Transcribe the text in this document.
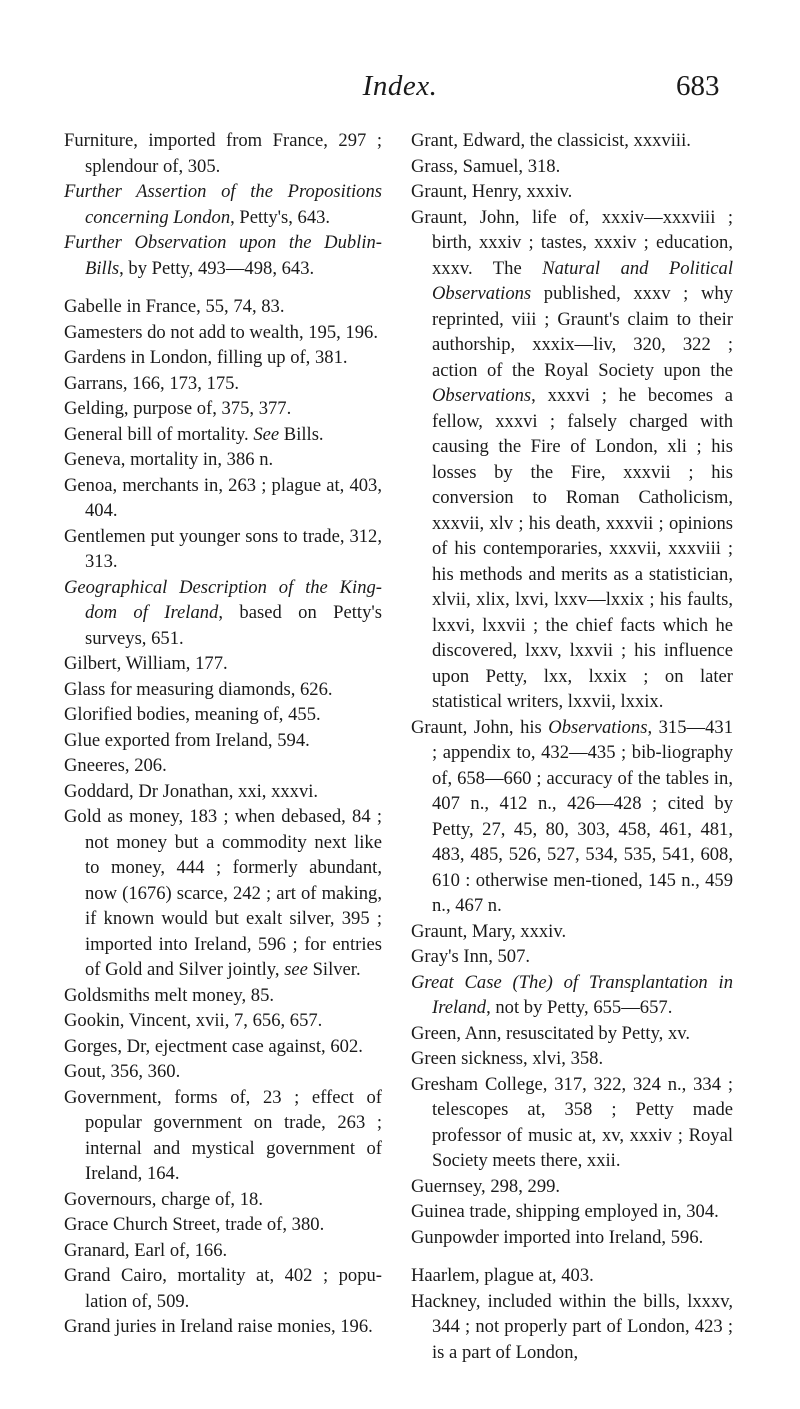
Index.	683

Furniture, imported from France, 297 ; splendour of, 305.

Further Assertion of the Propositions concerning London, Petty's, 643.

Further Observation upon the Dublin-Bills, by Petty, 493—498, 643.

Gabelle in France, 55, 74, 83.

Gamesters do not add to wealth, 195, 196.

Gardens in London, filling up of, 381.

Garrans, 166, 173, 175.

Gelding, purpose of, 375, 377.

General bill of mortality. See Bills.

Geneva, mortality in, 386 n.

Genoa, merchants in, 263 ; plague at, 403, 404.

Gentlemen put younger sons to trade, 312, 313.

Geographical Description of the King-dom of Ireland, based on Petty's surveys, 651.

Gilbert, William, 177.

Glass for measuring diamonds, 626.

Glorified bodies, meaning of, 455.

Glue exported from Ireland, 594.

Gneeres, 206.

Goddard, Dr Jonathan, xxi, xxxvi.

Gold as money, 183 ; when debased, 84 ; not money but a commodity next like to money, 444 ; formerly abundant, now (1676) scarce, 242 ; art of making, if known would but exalt silver, 395 ; imported into Ireland, 596 ; for entries of Gold and Silver jointly, see Silver.

Goldsmiths melt money, 85.

Gookin, Vincent, xvii, 7, 656, 657.

Gorges, Dr, ejectment case against, 602.

Gout, 356, 360.

Government, forms of, 23 ; effect of popular government on trade, 263 ; internal and mystical government of Ireland, 164.

Governours, charge of, 18.

Grace Church Street, trade of, 380.

Granard, Earl of, 166.

Grand Cairo, mortality at, 402 ; popu-lation of, 509.

Grand juries in Ireland raise monies, 196.

Grant, Edward, the classicist, xxxviii.

Grass, Samuel, 318.

Graunt, Henry, xxxiv.

Graunt, John, life of, xxxiv—xxxviii ; birth, xxxiv ; tastes, xxxiv ; education, xxxv. The Natural and Political Observations published, xxxv ; why reprinted, viii ; Graunt's claim to their authorship, xxxix—liv, 320, 322 ; action of the Royal Society upon the Observations, xxxvi ; he becomes a fellow, xxxvi ; falsely charged with causing the Fire of London, xli ; his losses by the Fire, xxxvii ; his conversion to Roman Catholicism, xxxvii, xlv ; his death, xxxvii ; opinions of his contemporaries, xxxvii, xxxviii ; his methods and merits as a statistician, xlvii, xlix, lxvi, lxxv—lxxix ; his faults, lxxvi, lxxvii ; the chief facts which he discovered, lxxv, lxxvii ; his influence upon Petty, lxx, lxxix ; on later statistical writers, lxxvii, lxxix.

Graunt, John, his Observations, 315—431 ; appendix to, 432—435 ; bib-liography of, 658—660 ; accuracy of the tables in, 407 n., 412 n., 426—428 ; cited by Petty, 27, 45, 80, 303, 458, 461, 481, 483, 485, 526, 527, 534, 535, 541, 608, 610 : otherwise men-tioned, 145 n., 459 n., 467 n.

Graunt, Mary, xxxiv.

Gray's Inn, 507.

Great Case (The) of Transplantation in Ireland, not by Petty, 655—657.

Green, Ann, resuscitated by Petty, xv.

Green sickness, xlvi, 358.

Gresham College, 317, 322, 324 n., 334 ; telescopes at, 358 ; Petty made professor of music at, xv, xxxiv ; Royal Society meets there, xxii.

Guernsey, 298, 299.

Guinea trade, shipping employed in, 304.

Gunpowder imported into Ireland, 596.

Haarlem, plague at, 403.

Hackney, included within the bills, lxxxv, 344 ; not properly part of London, 423 ; is a part of London,
